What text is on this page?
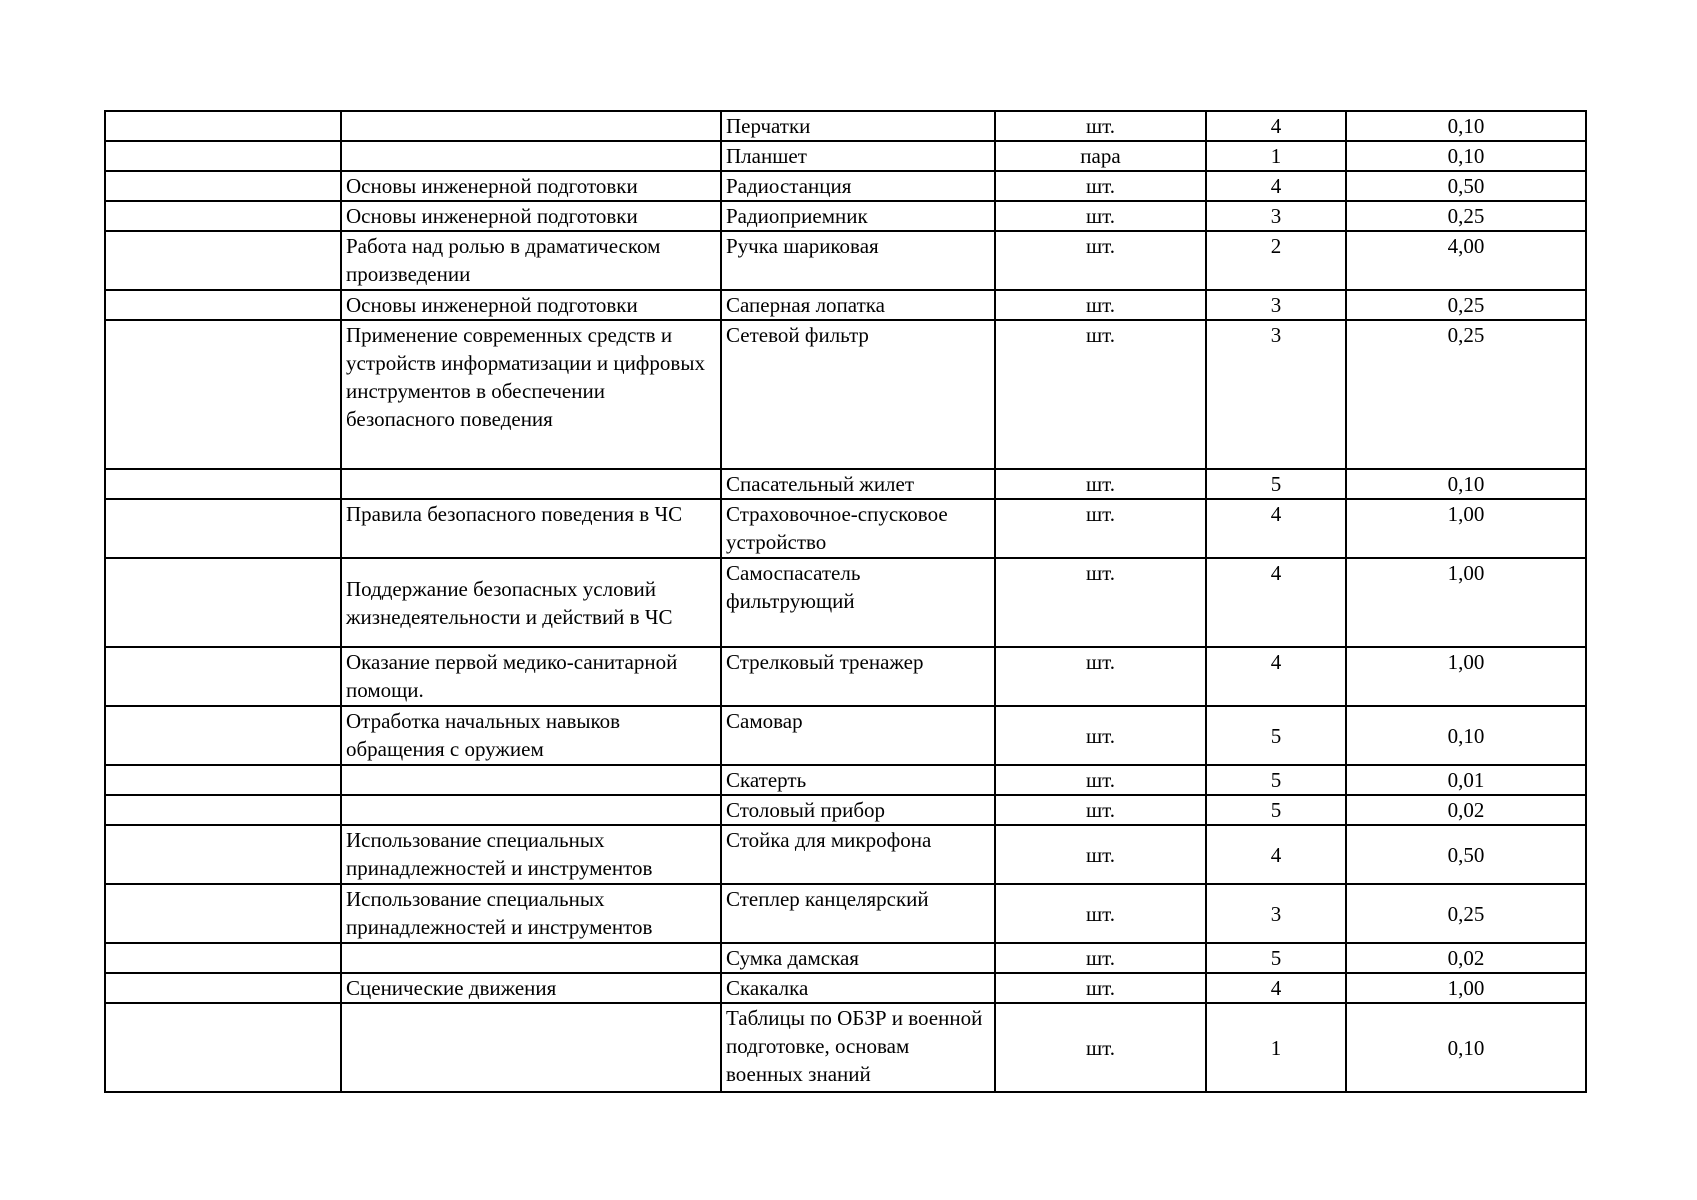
		Перчатки	шт.	4	0,10
		Планшет	пара	1	0,10
	Основы инженерной подготовки	Радиостанция	шт.	4	0,50
	Основы инженерной подготовки	Радиоприемник	шт.	3	0,25
	Работа над ролью в драматическом произведении	Ручка шариковая	шт.	2	4,00
	Основы инженерной подготовки	Саперная лопатка	шт.	3	0,25
	Применение современных средств и устройств информатизации и цифровых инструментов в обеспечении безопасного поведения	Сетевой фильтр	шт.	3	0,25
		Спасательный жилет	шт.	5	0,10
	Правила безопасного поведения в ЧС	Страховочное-спусковое устройство	шт.	4	1,00
	Поддержание безопасных условий жизнедеятельности и действий в ЧС	Самоспасатель фильтрующий	шт.	4	1,00
	Оказание первой медико-санитарной помощи.	Стрелковый тренажер	шт.	4	1,00
	Отработка начальных навыков обращения с оружием	Самовар	шт.	5	0,10
		Скатерть	шт.	5	0,01
		Столовый прибор	шт.	5	0,02
	Использование специальных принадлежностей и инструментов	Стойка для микрофона	шт.	4	0,50
	Использование специальных принадлежностей и инструментов	Степлер канцелярский	шт.	3	0,25
		Сумка дамская	шт.	5	0,02
	Сценические движения	Скакалка	шт.	4	1,00
		Таблицы по ОБЗР и военной подготовке, основам военных знаний	шт.	1	0,10
